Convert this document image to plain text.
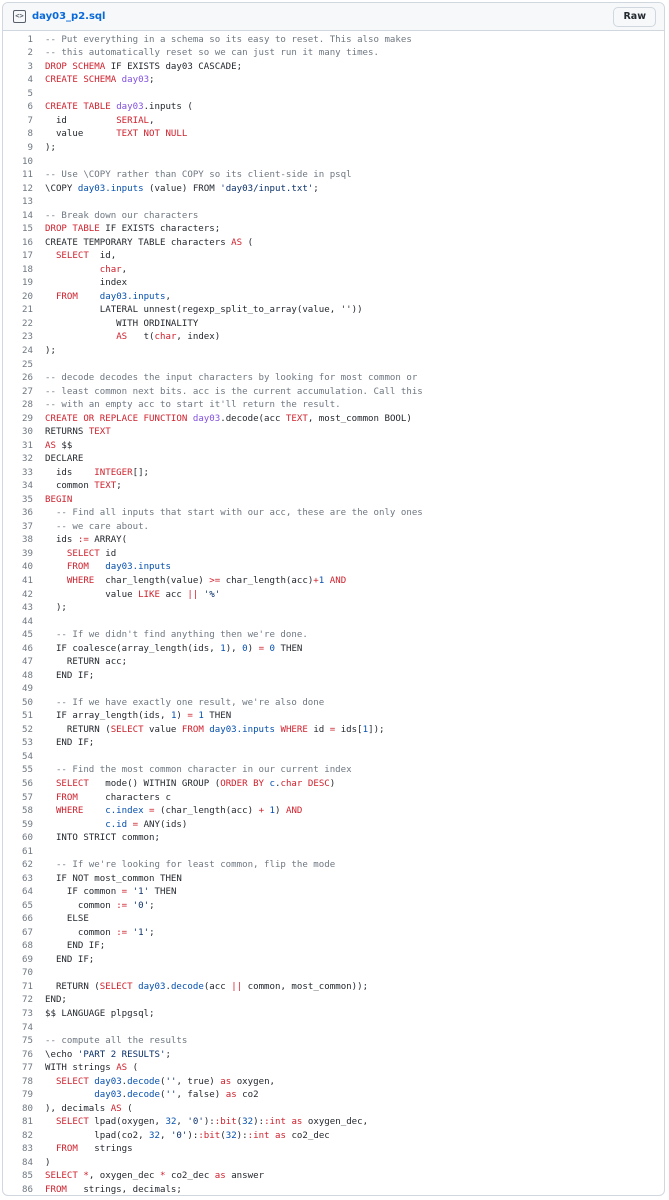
<> day03_p2.sql	Raw
1	-- Put everything in a schema so its easy to reset. This also makes
2	-- this automatically reset so we can just run it many times.
3	DROP SCHEMA IF EXISTS day03 CASCADE;
4	CREATE SCHEMA day03;
5
6	CREATE TABLE day03.inputs (
7	id         SERIAL,
8	value      TEXT NOT NULL
9	);
10
11	-- Use \COPY rather than COPY so its client-side in psql
12	\COPY day03.inputs (value) FROM 'day03/input.txt';
13
14	-- Break down our characters
15	DROP TABLE IF EXISTS characters;
16	CREATE TEMPORARY TABLE characters AS (
17	SELECT  id,
18	char,
19	index
20	FROM day03.inputs,
21	LATERAL unnest(regexp_split_to_array(value, ''))
22	WITH ORDINALITY
23	AS   t(char, index)
24	);
25
26	-- decode decodes the input characters by looking for most common or
27	-- least common next bits. acc is the current accumulation. Call this
28	-- with an empty acc to start it'll return the result.
29	CREATE OR REPLACE FUNCTION day03.decode(acc TEXT, most_common BOOL)
30	RETURNS TEXT
31	AS $$
32	DECLARE
33	ids    INTEGER[];
34	common TEXT;
35	BEGIN
36	-- Find all inputs that start with our acc, these are the only ones
37	-- we care about.
38	ids := ARRAY(
39	SELECT id
40	FROM day03.inputs
41	WHERE  char_length(value) >= char_length(acc)+1 AND
42	value LIKE acc || '%'
43	);
44
45	-- If we didn't find anything then we're done.
46	IF coalesce(array_length(ids, 1), 0) = 0 THEN
47	RETURN acc;
48	END IF;
49
50	-- If we have exactly one result, we're also done
51	IF array_length(ids, 1) = 1 THEN
52	RETURN (SELECT value FROM day03.inputs WHERE id = ids[1]);
53	END IF;
54
55	-- Find the most common character in our current index
56	SELECT   mode() WITHIN GROUP (ORDER BY c.char DESC)
57	FROM     characters c
58	WHERE c.index = (char_length(acc) + 1) AND
59	c.id = ANY(ids)
60	INTO STRICT common;
61
62	-- If we're looking for least common, flip the mode
63	IF NOT most_common THEN
64	IF common = '1' THEN
65	common := '0';
66	ELSE
67	common := '1';
68	END IF;
69	END IF;
70
71	RETURN (SELECT day03.decode(acc || common, most_common));
72	END;
73	$$ LANGUAGE plpgsql;
74
75	-- compute all the results
76	\echo 'PART 2 RESULTS';
77	WITH strings AS (
78	SELECT day03.decode('', true) as oxygen,
79	day03.decode('', false) as co2
80	), decimals AS (
81	SELECT lpad(oxygen, 32, '0')::bit(32)::int as oxygen_dec,
82	lpad(co2, 32, '0')::bit(32)::int as co2_dec
83	FROM   strings
84	)
85	SELECT *, oxygen_dec * co2_dec as answer
86	FROM   strings, decimals;
